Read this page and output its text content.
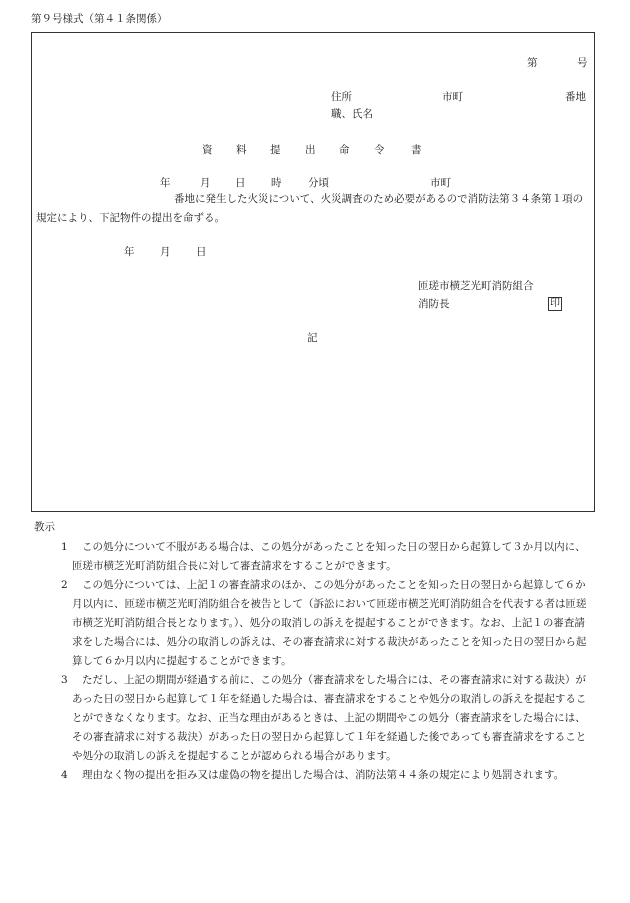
第９号様式（第４１条関係）
第	号
住所	市町	番地
職、氏名
資 料 提 出 命 令	書
年	月 日 時	分頃	市町
番地に発生した火災について、火災調査のため必要があるので消防法第３４条第１項の規定により、下記物件の提出を命ずる。
年 月 日
匝瑳市横芝光町消防組合
消防長	印
記
教示
1	この処分について不服がある場合は、この処分があったことを知った日の翌日から起算して３か月以内に、匝瑳市横芝光町消防組合長に対して審査請求をすることができます。
2	この処分については、上記１の審査請求のほか、この処分があったことを知った日の翌日から起算して６か月以内に、匝瑳市横芝光町消防組合を被告として（訴訟において匝瑳市横芝光町消防組合を代表する者は匝瑳市横芝光町消防組合長となります。）、処分の取消しの訴えを提起することができます。なお、上記１の審査請求をした場合には、処分の取消しの訴えは、その審査請求に対する裁決があったことを知った日の翌日から起算して６か月以内に提起することができます。
3	ただし、上記の期間が経過する前に、この処分（審査請求をした場合には、その審査請求に対する裁決）があった日の翌日から起算して１年を経過した場合は、審査請求をすることや処分の取消しの訴えを提起することができなくなります。なお、正当な理由があるときは、上記の期間やこの処分（審査請求をした場合には、その審査請求に対する裁決）があった日の翌日から起算して１年を経過した後であっても審査請求をすることや処分の取消しの訴えを提起することが認められる場合があります。
4	理由なく物の提出を拒み又は虚偽の物を提出した場合は、消防法第４４条の規定により処罰されます。
